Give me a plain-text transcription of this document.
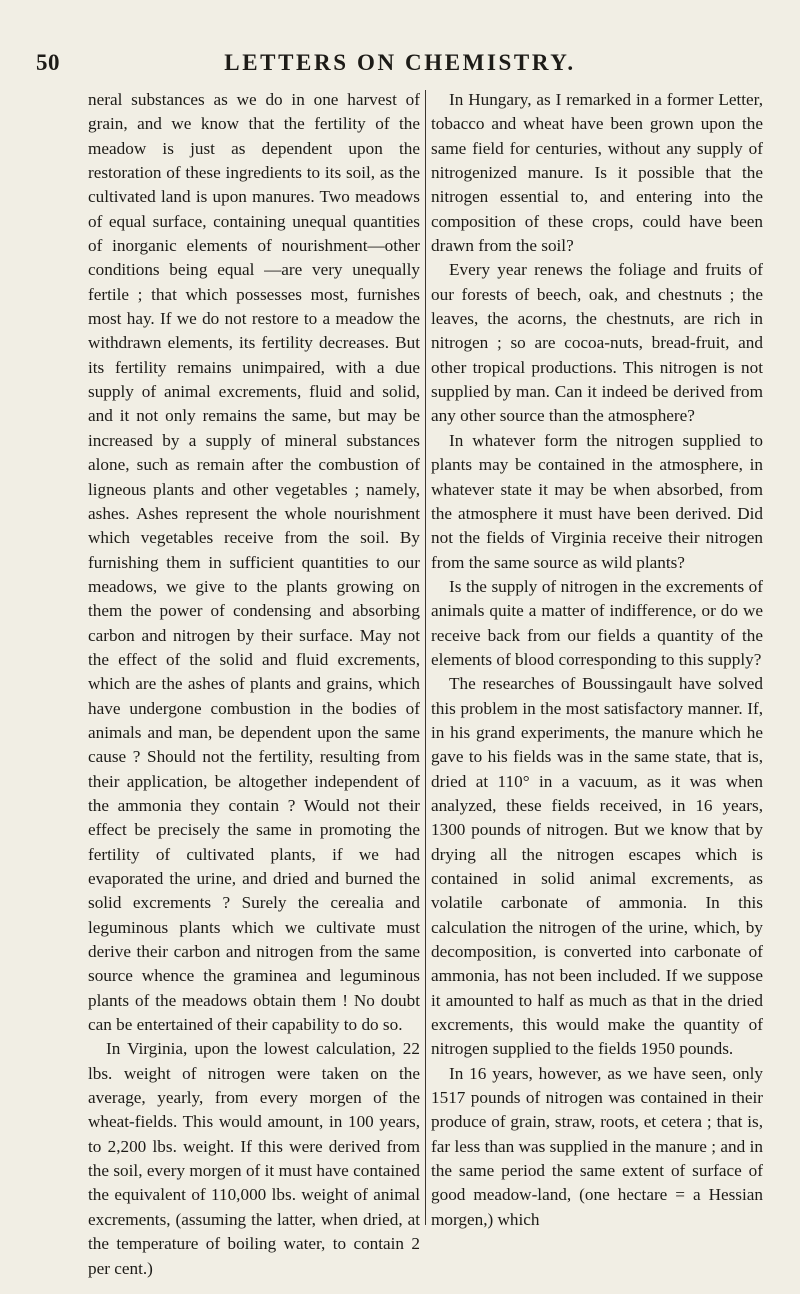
50	LETTERS ON CHEMISTRY.

neral substances as we do in one harvest of grain, and we know that the fertility of the meadow is just as dependent upon the restoration of these ingredients to its soil, as the cultivated land is upon manures. Two meadows of equal surface, containing unequal quantities of inorganic elements of nourishment—other conditions being equal —are very unequally fertile ; that which possesses most, furnishes most hay. If we do not restore to a meadow the withdrawn elements, its fertility decreases. But its fertility remains unimpaired, with a due supply of animal excrements, fluid and solid, and it not only remains the same, but may be increased by a supply of mineral substances alone, such as remain after the combustion of ligneous plants and other vegetables ; namely, ashes. Ashes represent the whole nourishment which vegetables receive from the soil. By furnishing them in sufficient quantities to our meadows, we give to the plants growing on them the power of condensing and absorbing carbon and nitrogen by their surface. May not the effect of the solid and fluid excrements, which are the ashes of plants and grains, which have undergone combustion in the bodies of animals and man, be dependent upon the same cause ? Should not the fertility, resulting from their application, be altogether independent of the ammonia they contain ? Would not their effect be precisely the same in promoting the fertility of cultivated plants, if we had evaporated the urine, and dried and burned the solid excrements ? Surely the cerealia and leguminous plants which we cultivate must derive their carbon and nitrogen from the same source whence the graminea and leguminous plants of the meadows obtain them ! No doubt can be entertained of their capability to do so.

In Virginia, upon the lowest calculation, 22 lbs. weight of nitrogen were taken on the average, yearly, from every morgen of the wheat-fields. This would amount, in 100 years, to 2,200 lbs. weight. If this were derived from the soil, every morgen of it must have contained the equivalent of 110,000 lbs. weight of animal excrements, (assuming the latter, when dried, at the temperature of boiling water, to contain 2 per cent.)

In Hungary, as I remarked in a former Letter, tobacco and wheat have been grown upon the same field for centuries, without any supply of nitrogenized manure. Is it possible that the nitrogen essential to, and entering into the composition of these crops, could have been drawn from the soil?

Every year renews the foliage and fruits of our forests of beech, oak, and chestnuts ; the leaves, the acorns, the chestnuts, are rich in nitrogen ; so are cocoa-nuts, bread-fruit, and other tropical productions. This nitrogen is not supplied by man. Can it indeed be derived from any other source than the atmosphere?

In whatever form the nitrogen supplied to plants may be contained in the atmosphere, in whatever state it may be when absorbed, from the atmosphere it must have been derived. Did not the fields of Virginia receive their nitrogen from the same source as wild plants?

Is the supply of nitrogen in the excrements of animals quite a matter of indifference, or do we receive back from our fields a quantity of the elements of blood corresponding to this supply?

The researches of Boussingault have solved this problem in the most satisfactory manner. If, in his grand experiments, the manure which he gave to his fields was in the same state, that is, dried at 110° in a vacuum, as it was when analyzed, these fields received, in 16 years, 1300 pounds of nitrogen. But we know that by drying all the nitrogen escapes which is contained in solid animal excrements, as volatile carbonate of ammonia. In this calculation the nitrogen of the urine, which, by decomposition, is converted into carbonate of ammonia, has not been included. If we suppose it amounted to half as much as that in the dried excrements, this would make the quantity of nitrogen supplied to the fields 1950 pounds.

In 16 years, however, as we have seen, only 1517 pounds of nitrogen was contained in their produce of grain, straw, roots, et cetera ; that is, far less than was supplied in the manure ; and in the same period the same extent of surface of good meadow-land, (one hectare = a Hessian morgen,) which
